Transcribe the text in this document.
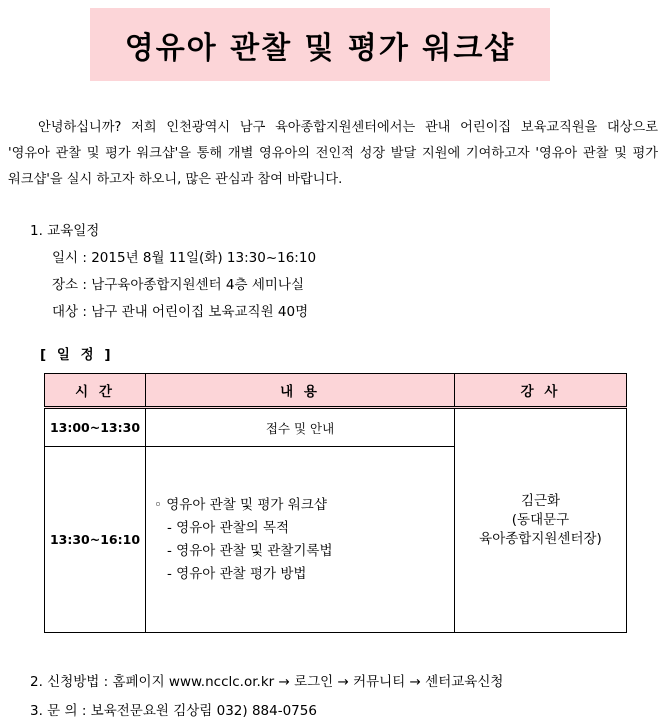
영유아 관찰 및 평가 워크샵

안녕하십니까? 저희 인천광역시 남구 육아종합지원센터에서는 관내 어린이집 보육교직원을 대상으로 '영유아 관찰 및 평가 워크샵'을 통해 개별 영유아의 전인적 성장 발달 지원에 기여하고자 '영유아 관찰 및 평가 워크샵'을 실시 하고자 하오니, 많은 관심과 참여 바랍니다.

1. 교육일정

일시 : 2015년 8월 11일(화) 13:30~16:10

장소 : 남구육아종합지원센터 4층 세미나실

대상 : 남구 관내 어린이집 보육교직원 40명

[ 일 정 ]
시 간	내 용	강 사
13:00~13:30	접수 및 안내	김근화
(동대문구
육아종합지원센터장)

13:30~16:10	◦ 영유아 관찰 및 평가 워크샵
- 영유아 관찰의 목적
- 영유아 관찰 및 관찰기록법
- 영유아 관찰 평가 방법	
2. 신청방법 : 홈페이지 www.ncclc.or.kr → 로그인 → 커뮤니티 → 센터교육신청
3. 문 의 : 보육전문요원 김상림 032) 884-0756
